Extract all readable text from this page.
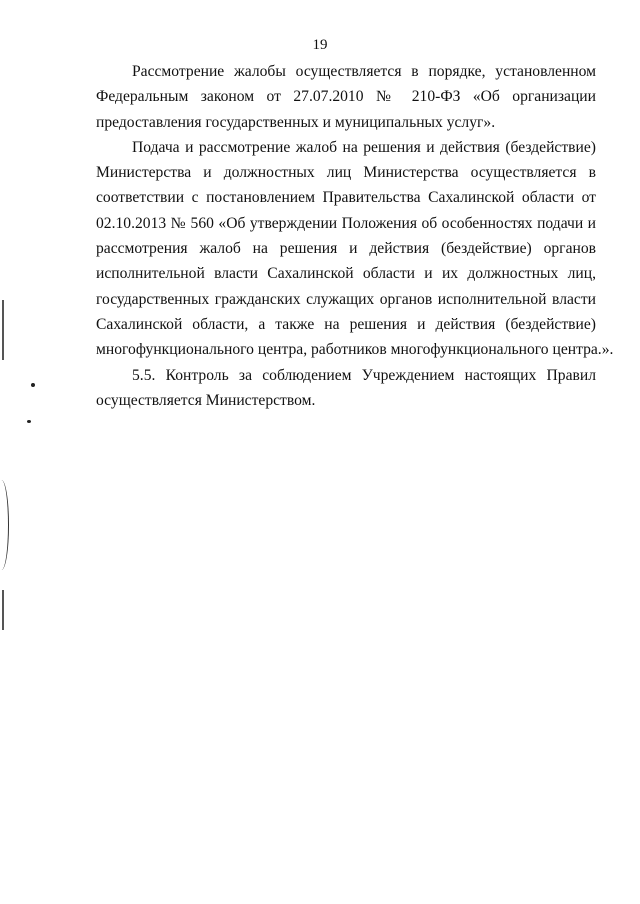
19
Рассмотрение жалобы осуществляется в порядке, установленном
Федеральным законом от 27.07.2010 № 210-ФЗ «Об организации
предоставления государственных и муниципальных услуг».
Подача и рассмотрение жалоб на решения и действия (бездействие)
Министерства и должностных лиц Министерства осуществляется в
соответствии с постановлением Правительства Сахалинской области от
02.10.2013 № 560 «Об утверждении Положения об особенностях подачи и
рассмотрения жалоб на решения и действия (бездействие) органов
исполнительной власти Сахалинской области и их должностных лиц,
государственных гражданских служащих органов исполнительной власти
Сахалинской области, а также на решения и действия (бездействие)
многофункционального центра, работников многофункционального центра.».
5.5. Контроль за соблюдением Учреждением настоящих Правил
осуществляется Министерством.
